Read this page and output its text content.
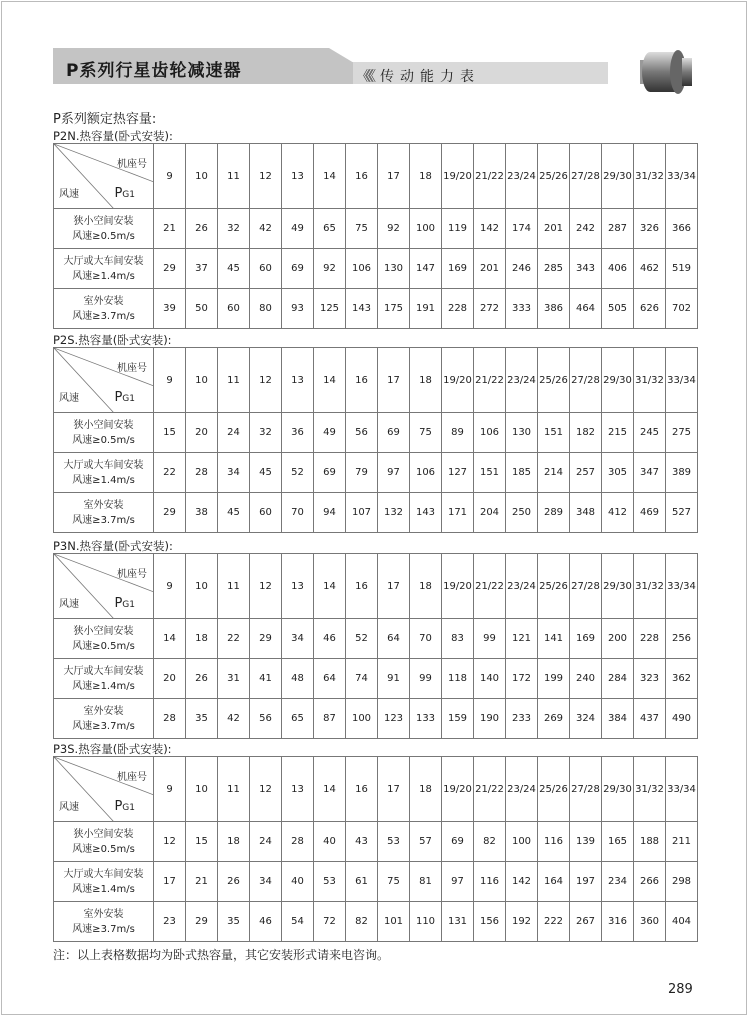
P系列行星齿轮减速器	《《《 传动能力表
P系列额定热容量:
P2N.热容量(卧式安装):
机座号
风速 PG1	9	10	11	12	13	14	16	17	18	19/20	21/22	23/24	25/26	27/28	29/30	31/32	33/34

狭小空间安装
风速≥0.5m/s	21	26	32	42	49	65	75	92	100	119	142	174	201	242	287	326	366

大厅或大车间安装
风速≥1.4m/s	29	37	45	60	69	92	106	130	147	169	201	246	285	343	406	462	519

室外安装
风速≥3.7m/s	39	50	60	80	93	125	143	175	191	228	272	333	386	464	505	626	702
P2S.热容量(卧式安装):
机座号
风速 PG1	9	10	11	12	13	14	16	17	18	19/20	21/22	23/24	25/26	27/28	29/30	31/32	33/34

狭小空间安装
风速≥0.5m/s	15	20	24	32	36	49	56	69	75	89	106	130	151	182	215	245	275

大厅或大车间安装
风速≥1.4m/s	22	28	34	45	52	69	79	97	106	127	151	185	214	257	305	347	389

室外安装
风速≥3.7m/s	29	38	45	60	70	94	107	132	143	171	204	250	289	348	412	469	527
P3N.热容量(卧式安装):
机座号
风速 PG1	9	10	11	12	13	14	16	17	18	19/20	21/22	23/24	25/26	27/28	29/30	31/32	33/34

狭小空间安装
风速≥0.5m/s	14	18	22	29	34	46	52	64	70	83	99	121	141	169	200	228	256

大厅或大车间安装
风速≥1.4m/s	20	26	31	41	48	64	74	91	99	118	140	172	199	240	284	323	362

室外安装
风速≥3.7m/s	28	35	42	56	65	87	100	123	133	159	190	233	269	324	384	437	490
P3S.热容量(卧式安装):
机座号
风速 PG1	9	10	11	12	13	14	16	17	18	19/20	21/22	23/24	25/26	27/28	29/30	31/32	33/34

狭小空间安装
风速≥0.5m/s	12	15	18	24	28	40	43	53	57	69	82	100	116	139	165	188	211

大厅或大车间安装
风速≥1.4m/s	17	21	26	34	40	53	61	75	81	97	116	142	164	197	234	266	298

室外安装
风速≥3.7m/s	23	29	35	46	54	72	82	101	110	131	156	192	222	267	316	360	404
注：以上表格数据均为卧式热容量，其它安装形式请来电咨询。
289
